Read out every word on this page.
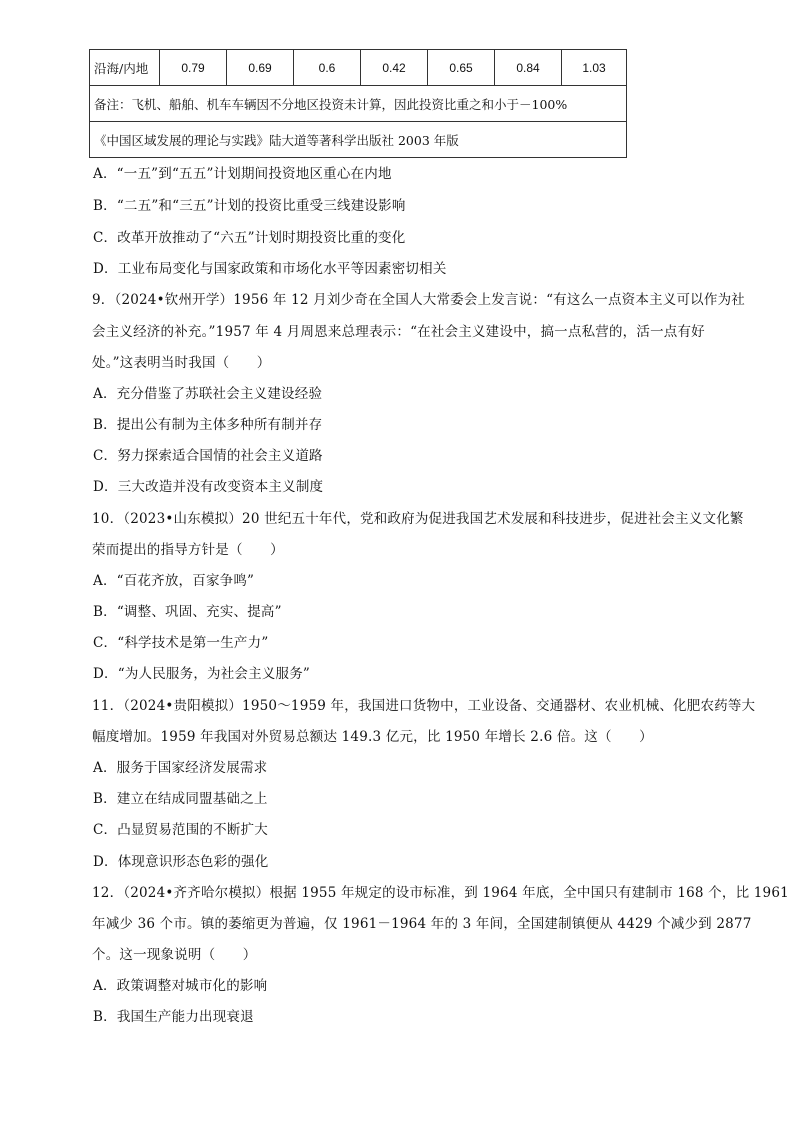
沿海/内地	0.79	0.69	0.6	0.42	0.65	0.84	1.03
备注：飞机、船舶、机车车辆因不分地区投资未计算，因此投资比重之和小于－100%
《中国区域发展的理论与实践》陆大道等著科学出版社 2003 年版
A．“一五”到“五五”计划期间投资地区重心在内地
B．“二五”和“三五”计划的投资比重受三线建设影响
C．改革开放推动了“六五”计划时期投资比重的变化
D．工业布局变化与国家政策和市场化水平等因素密切相关
9．（2024•钦州开学）1956 年 12 月刘少奇在全国人大常委会上发言说：“有这么一点资本主义可以作为社
会主义经济的补充。”1957 年 4 月周恩来总理表示：“在社会主义建设中，搞一点私营的，活一点有好
处。”这表明当时我国（　　）
A．充分借鉴了苏联社会主义建设经验
B．提出公有制为主体多种所有制并存
C．努力探索适合国情的社会主义道路
D．三大改造并没有改变资本主义制度
10．（2023•山东模拟）20 世纪五十年代，党和政府为促进我国艺术发展和科技进步，促进社会主义文化繁
荣而提出的指导方针是（　　）
A．“百花齐放，百家争鸣”
B．“调整、巩固、充实、提高”
C．“科学技术是第一生产力”
D．“为人民服务，为社会主义服务”
11．（2024•贵阳模拟）1950～1959 年，我国进口货物中，工业设备、交通器材、农业机械、化肥农药等大
幅度增加。1959 年我国对外贸易总额达 149.3 亿元，比 1950 年增长 2.6 倍。这（　　）
A．服务于国家经济发展需求
B．建立在结成同盟基础之上
C．凸显贸易范围的不断扩大
D．体现意识形态色彩的强化
12．（2024•齐齐哈尔模拟）根据 1955 年规定的设市标准，到 1964 年底，全中国只有建制市 168 个，比 1961
年减少 36 个市。镇的萎缩更为普遍，仅 1961－1964 年的 3 年间，全国建制镇便从 4429 个减少到 2877
个。这一现象说明（　　）
A．政策调整对城市化的影响
B．我国生产能力出现衰退
